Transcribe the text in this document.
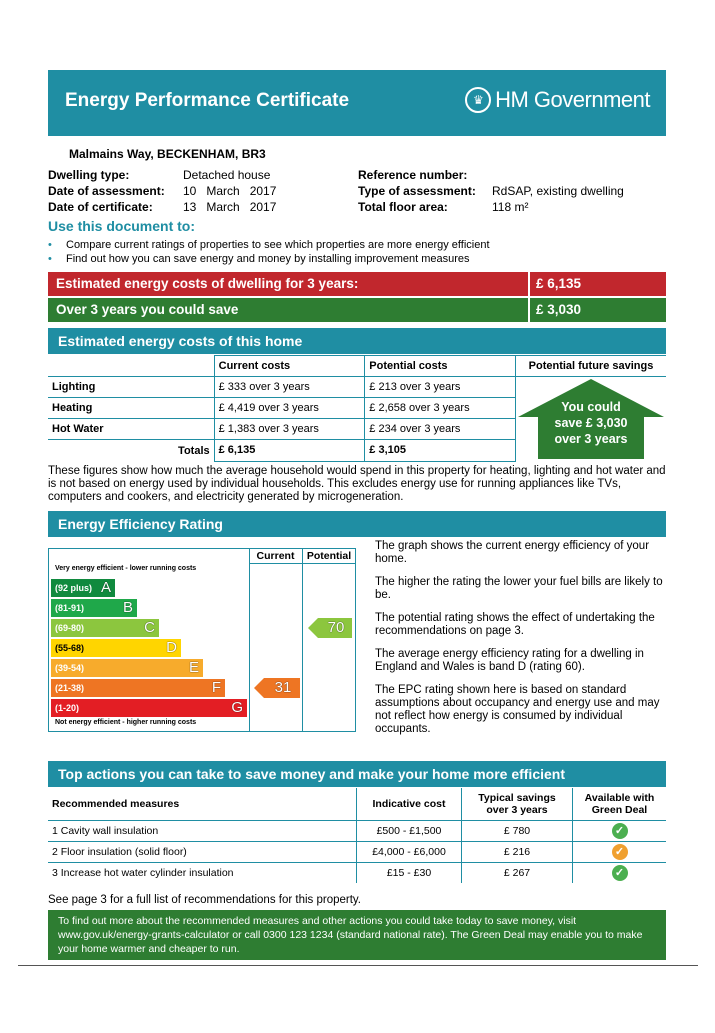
Energy Performance Certificate	♛ HM Government
Malmains Way, BECKENHAM, BR3
Dwelling type:	Detached house
Date of assessment:	10   March   2017
Date of certificate:	13   March   2017
Reference number:
Type of assessment:	RdSAP, existing dwelling
Total floor area:	118 m²
Use this document to:
• Compare current ratings of properties to see which properties are more energy efficient
• Find out how you can save energy and money by installing improvement measures
Estimated energy costs of dwelling for 3 years:	£ 6,135
Over 3 years you could save	£ 3,030
Estimated energy costs of this home
	Current costs	Potential costs	Potential future savings
Lighting	£ 333 over 3 years	£ 213 over 3 years	You could
save £ 3,030
over 3 years

Heating	£ 4,419 over 3 years	£ 2,658 over 3 years	
Hot Water	£ 1,383 over 3 years	£ 234 over 3 years	
Totals	£ 6,135	£ 3,105	
These figures show how much the average household would spend in this property for heating, lighting and hot water and is not based on energy used by individual households. This excludes energy use for running appliances like TVs, computers and cookers, and electricity generated by microgeneration.
Energy Efficiency Rating
Current	Potential
Very energy efficient - lower running costs
(92 plus) A
(81-91)	B
(69-80)	C
(55-68)	D
(39-54)	E
(21-38)	F
(1-20)	G
Not energy efficient - higher running costs
31
70

The graph shows the current energy efficiency of your home.

The higher the rating the lower your fuel bills are likely to be.

The potential rating shows the effect of undertaking the recommendations on page 3.

The average energy efficiency rating for a dwelling in England and Wales is band D (rating 60).

The EPC rating shown here is based on standard assumptions about occupancy and energy use and may not reflect how energy is consumed by individual occupants.

Top actions you can take to save money and make your home more efficient
Recommended measures	Indicative cost	Typical savings over 3 years	Available with Green Deal
1 Cavity wall insulation	£500 - £1,500	£ 780	✓
2 Floor insulation (solid floor)	£4,000 - £6,000	£ 216	✓
3 Increase hot water cylinder insulation	£15 - £30	£ 267	✓
See page 3 for a full list of recommendations for this property.
To find out more about the recommended measures and other actions you could take today to save money, visit www.gov.uk/energy-grants-calculator or call 0300 123 1234 (standard national rate). The Green Deal may enable you to make your home warmer and cheaper to run.
